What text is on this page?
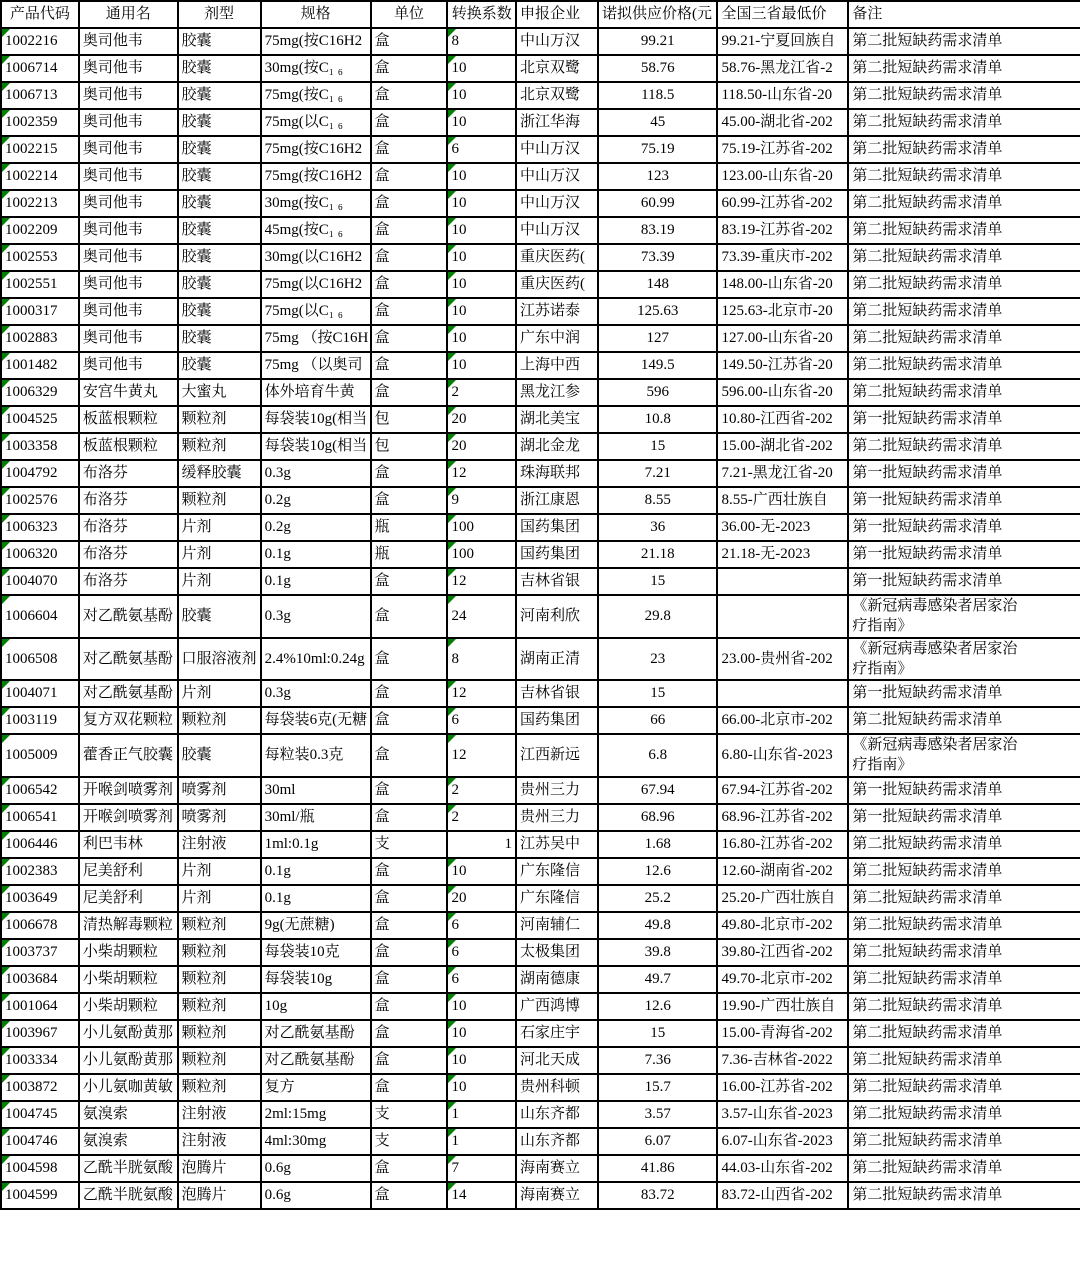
产品代码	通用名	剂型	规格	单位	转换系数	申报企业	诺拟供应价格(元	全国三省最低价	备注

1002216	奥司他韦	胶囊	75mg(按C16H2	盒	8	中山万汉	99.21	99.21-宁夏回族自	第二批短缺药需求清单

1006714	奥司他韦	胶囊	30mg(按C₁ ₆	盒	10	北京双鹭	58.76	58.76-黑龙江省-2	第二批短缺药需求清单

1006713	奥司他韦	胶囊	75mg(按C₁ ₆	盒	10	北京双鹭	118.5	118.50-山东省-20	第二批短缺药需求清单

1002359	奥司他韦	胶囊	75mg(以C₁ ₆	盒	10	浙江华海	45	45.00-湖北省-202	第二批短缺药需求清单

1002215	奥司他韦	胶囊	75mg(按C16H2	盒	6	中山万汉	75.19	75.19-江苏省-202	第二批短缺药需求清单

1002214	奥司他韦	胶囊	75mg(按C16H2	盒	10	中山万汉	123	123.00-山东省-20	第二批短缺药需求清单

1002213	奥司他韦	胶囊	30mg(按C₁ ₆	盒	10	中山万汉	60.99	60.99-江苏省-202	第二批短缺药需求清单

1002209	奥司他韦	胶囊	45mg(按C₁ ₆	盒	10	中山万汉	83.19	83.19-江苏省-202	第二批短缺药需求清单

1002553	奥司他韦	胶囊	30mg(以C16H2	盒	10	重庆医药(	73.39	73.39-重庆市-202	第二批短缺药需求清单

1002551	奥司他韦	胶囊	75mg(以C16H2	盒	10	重庆医药(	148	148.00-山东省-20	第二批短缺药需求清单

1000317	奥司他韦	胶囊	75mg(以C₁ ₆	盒	10	江苏诺泰	125.63	125.63-北京市-20	第二批短缺药需求清单

1002883	奥司他韦	胶囊	75mg （按C16H	盒	10	广东中润	127	127.00-山东省-20	第二批短缺药需求清单

1001482	奥司他韦	胶囊	75mg （以奥司	盒	10	上海中西	149.5	149.50-江苏省-20	第二批短缺药需求清单

1006329	安宫牛黄丸	大蜜丸	体外培育牛黄	盒	2	黑龙江参	596	596.00-山东省-20	第二批短缺药需求清单

1004525	板蓝根颗粒	颗粒剂	每袋装10g(相当	包	20	湖北美宝	10.8	10.80-江西省-202	第一批短缺药需求清单

1003358	板蓝根颗粒	颗粒剂	每袋装10g(相当	包	20	湖北金龙	15	15.00-湖北省-202	第二批短缺药需求清单

1004792	布洛芬	缓释胶囊	0.3g	盒	12	珠海联邦	7.21	7.21-黑龙江省-20	第一批短缺药需求清单

1002576	布洛芬	颗粒剂	0.2g	盒	9	浙江康恩	8.55	8.55-广西壮族自	第一批短缺药需求清单

1006323	布洛芬	片剂	0.2g	瓶	100	国药集团	36	36.00-无-2023	第一批短缺药需求清单

1006320	布洛芬	片剂	0.1g	瓶	100	国药集团	21.18	21.18-无-2023	第一批短缺药需求清单

1004070	布洛芬	片剂	0.1g	盒	12	吉林省银	15		第一批短缺药需求清单

1006604	对乙酰氨基酚	胶囊	0.3g	盒	24	河南利欣	29.8		《新冠病毒感染者居家治疗指南》

1006508	对乙酰氨基酚	口服溶液剂	2.4%10ml:0.24g	盒	8	湖南正清	23	23.00-贵州省-202	《新冠病毒感染者居家治疗指南》

1004071	对乙酰氨基酚	片剂	0.3g	盒	12	吉林省银	15		第一批短缺药需求清单

1003119	复方双花颗粒	颗粒剂	每袋装6克(无糖	盒	6	国药集团	66	66.00-北京市-202	第二批短缺药需求清单

1005009	藿香正气胶囊	胶囊	每粒装0.3克	盒	12	江西新远	6.8	6.80-山东省-2023	《新冠病毒感染者居家治疗指南》

1006542	开喉剑喷雾剂	喷雾剂	30ml	盒	2	贵州三力	67.94	67.94-江苏省-202	第一批短缺药需求清单

1006541	开喉剑喷雾剂	喷雾剂	30ml/瓶	盒	2	贵州三力	68.96	68.96-江苏省-202	第一批短缺药需求清单

1006446	利巴韦林	注射液	1ml:0.1g	支	1	江苏吴中	1.68	16.80-江苏省-202	第二批短缺药需求清单

1002383	尼美舒利	片剂	0.1g	盒	10	广东隆信	12.6	12.60-湖南省-202	第二批短缺药需求清单

1003649	尼美舒利	片剂	0.1g	盒	20	广东隆信	25.2	25.20-广西壮族自	第二批短缺药需求清单

1006678	清热解毒颗粒	颗粒剂	9g(无蔗糖)	盒	6	河南辅仁	49.8	49.80-北京市-202	第二批短缺药需求清单

1003737	小柴胡颗粒	颗粒剂	每袋装10克	盒	6	太极集团	39.8	39.80-江西省-202	第二批短缺药需求清单

1003684	小柴胡颗粒	颗粒剂	每袋装10g	盒	6	湖南德康	49.7	49.70-北京市-202	第二批短缺药需求清单

1001064	小柴胡颗粒	颗粒剂	10g	盒	10	广西鸿博	12.6	19.90-广西壮族自	第二批短缺药需求清单

1003967	小儿氨酚黄那	颗粒剂	对乙酰氨基酚	盒	10	石家庄宇	15	15.00-青海省-202	第二批短缺药需求清单

1003334	小儿氨酚黄那	颗粒剂	对乙酰氨基酚	盒	10	河北天成	7.36	7.36-吉林省-2022	第二批短缺药需求清单

1003872	小儿氨咖黄敏	颗粒剂	复方	盒	10	贵州科顿	15.7	16.00-江苏省-202	第二批短缺药需求清单

1004745	氨溴索	注射液	2ml:15mg	支	1	山东齐都	3.57	3.57-山东省-2023	第二批短缺药需求清单

1004746	氨溴索	注射液	4ml:30mg	支	1	山东齐都	6.07	6.07-山东省-2023	第二批短缺药需求清单

1004598	乙酰半胱氨酸	泡腾片	0.6g	盒	7	海南赛立	41.86	44.03-山东省-202	第二批短缺药需求清单

1004599	乙酰半胱氨酸	泡腾片	0.6g	盒	14	海南赛立	83.72	83.72-山西省-202	第二批短缺药需求清单
